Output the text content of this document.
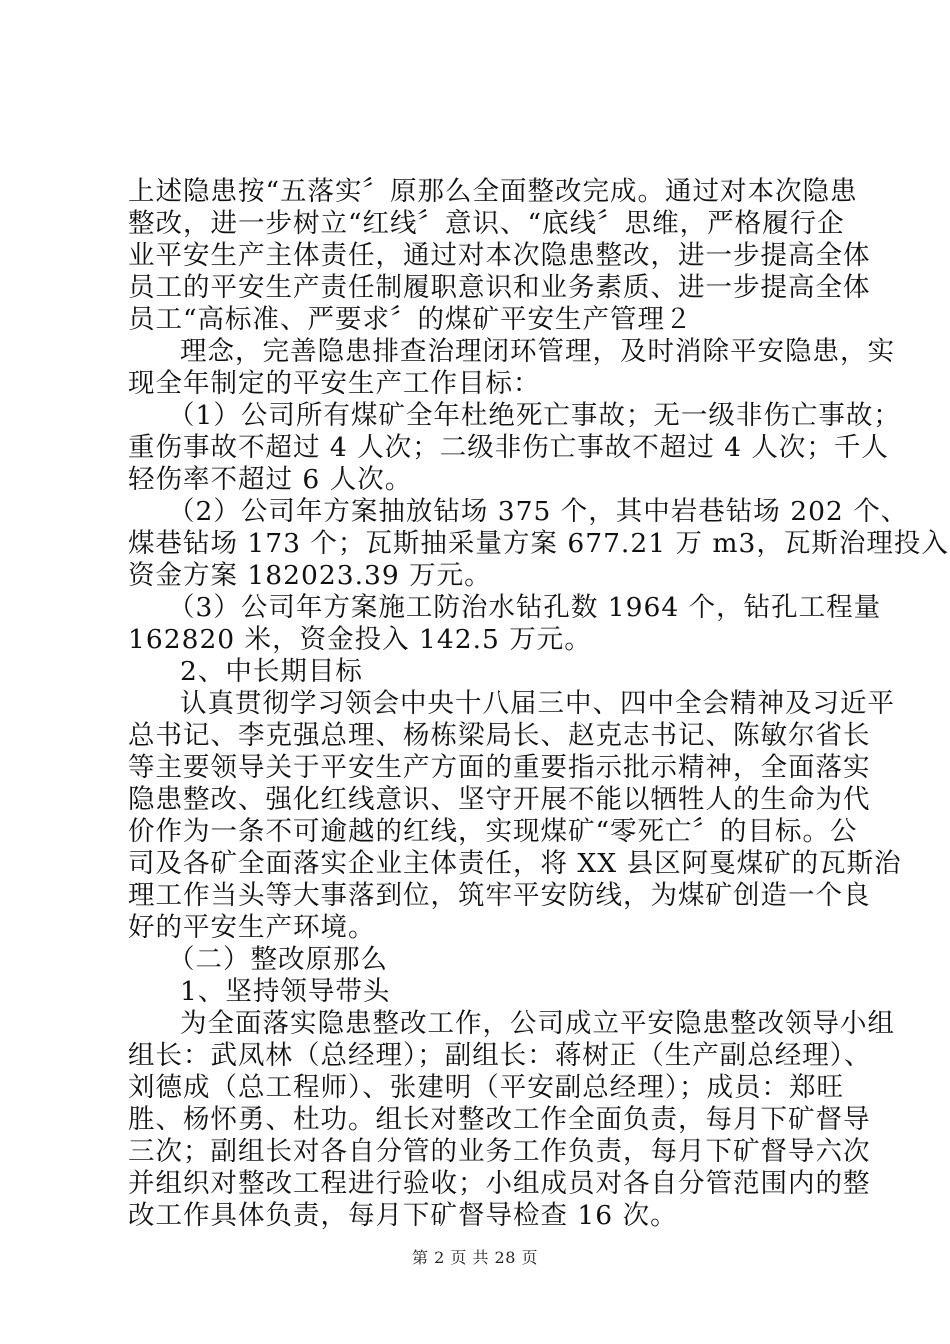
上述隐患按“五落实〞原那么全面整改完成。通过对本次隐患
整改，进一步树立“红线〞意识、“底线〞思维，严格履行企
业平安生产主体责任，通过对本次隐患整改，进一步提高全体
员工的平安生产责任制履职意识和业务素质、进一步提高全体
员工“高标准、严要求〞的煤矿平安生产管理２
理念，完善隐患排查治理闭环管理，及时消除平安隐患，实
现全年制定的平安生产工作目标：
（1）公司所有煤矿全年杜绝死亡事故；无一级非伤亡事故；
重伤事故不超过 4 人次；二级非伤亡事故不超过 4 人次；千人
轻伤率不超过 6 人次。
（2）公司年方案抽放钻场 375 个，其中岩巷钻场 202 个、
煤巷钻场 173 个；瓦斯抽采量方案 677.21 万 m3，瓦斯治理投入
资金方案 182023.39 万元。
（3）公司年方案施工防治水钻孔数 1964 个，钻孔工程量
162820 米，资金投入 142.5 万元。
2、中长期目标
认真贯彻学习领会中央十八届三中、四中全会精神及习近平
总书记、李克强总理、杨栋梁局长、赵克志书记、陈敏尔省长
等主要领导关于平安生产方面的重要指示批示精神，全面落实
隐患整改、强化红线意识、坚守开展不能以牺牲人的生命为代
价作为一条不可逾越的红线，实现煤矿“零死亡〞的目标。公
司及各矿全面落实企业主体责任，将 XX 县区阿戛煤矿的瓦斯治
理工作当头等大事落到位，筑牢平安防线，为煤矿创造一个良
好的平安生产环境。
（二）整改原那么
1、坚持领导带头
为全面落实隐患整改工作，公司成立平安隐患整改领导小组
组长：武凤林（总经理）；副组长：蒋树正（生产副总经理）、
刘德成（总工程师）、张建明（平安副总经理）；成员：郑旺
胜、杨怀勇、杜功。组长对整改工作全面负责，每月下矿督导
三次；副组长对各自分管的业务工作负责，每月下矿督导六次
并组织对整改工程进行验收；小组成员对各自分管范围内的整
改工作具体负责，每月下矿督导检查 16 次。
第 2 页 共 28 页
